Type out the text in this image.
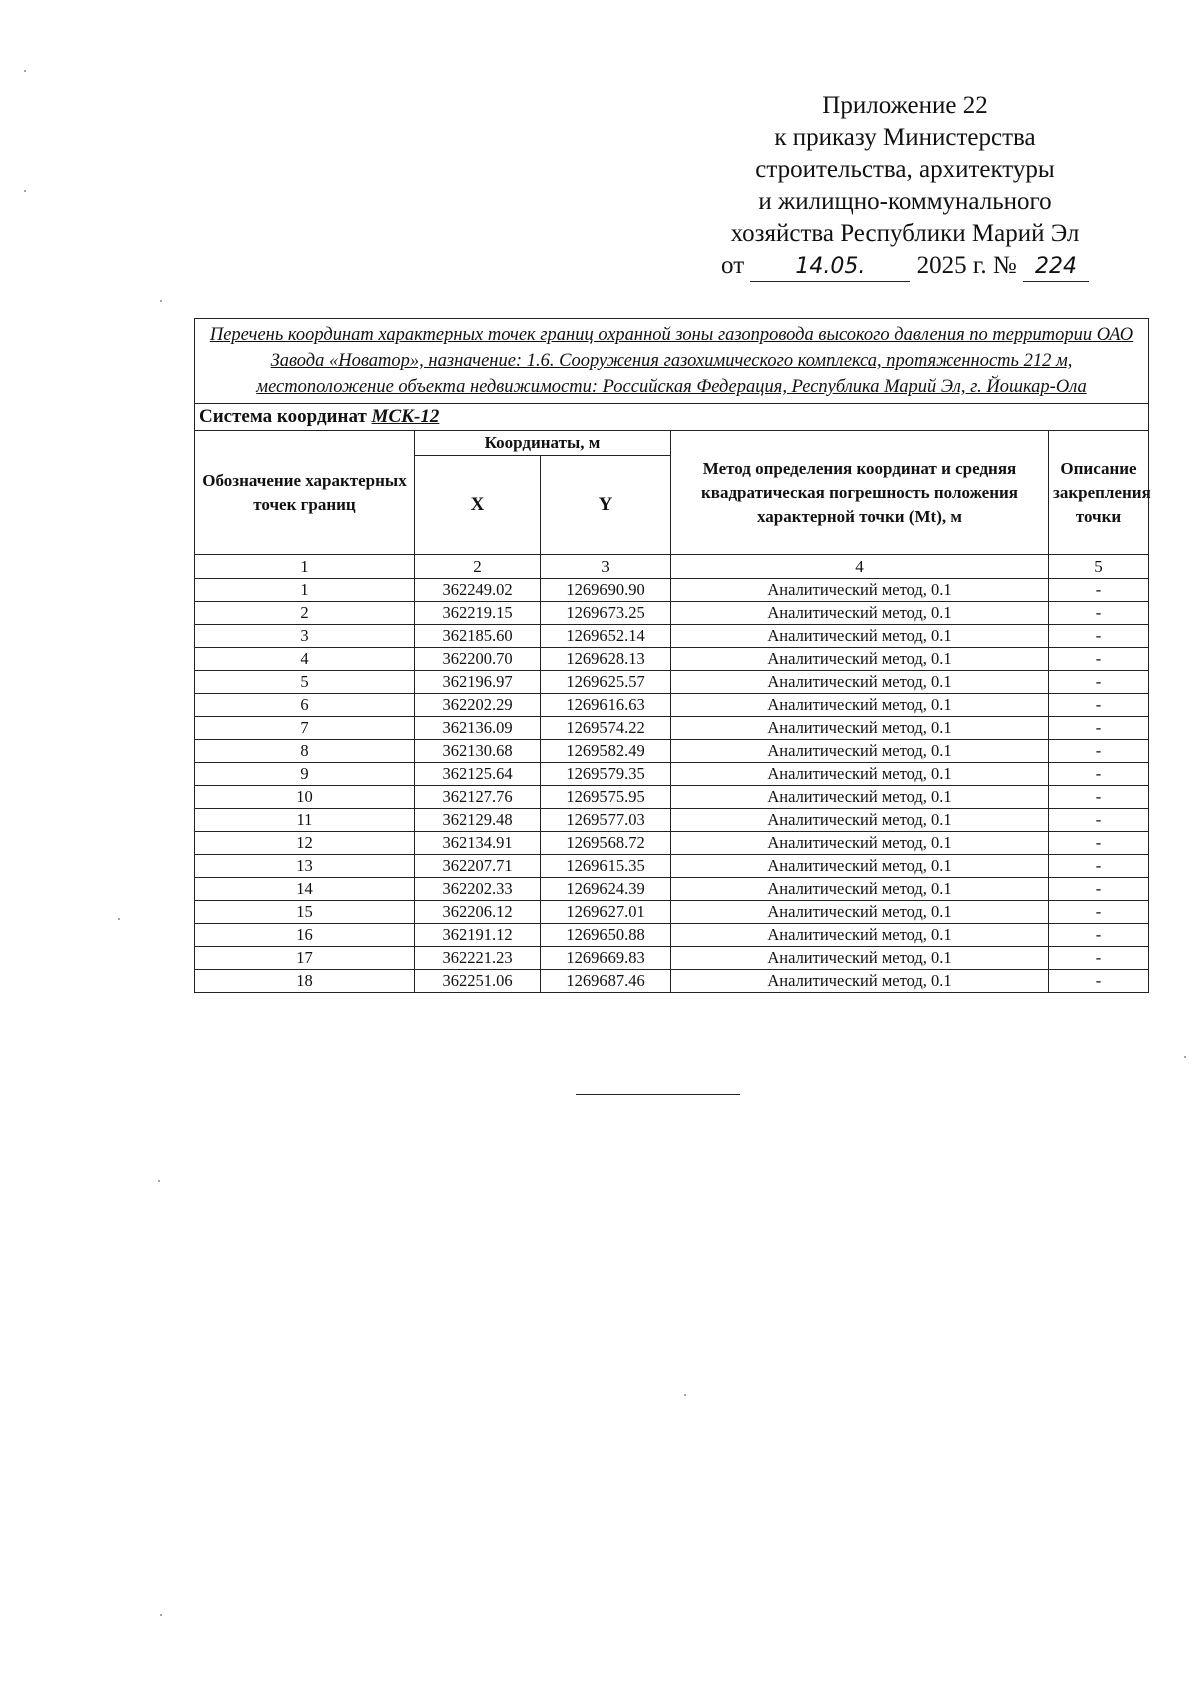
Приложение 22
к приказу Министерства
строительства, архитектуры
и жилищно-коммунального
хозяйства Республики Марий Эл
от 14.05. 2025 г. № 224
Перечень координат характерных точек границ охранной зоны газопровода высокого давления по территории ОАО Завода «Новатор», назначение: 1.6. Сооружения газохимического комплекса, протяженность 212 м, местоположение объекта недвижимости: Российская Федерация, Республика Марий Эл, г. Йошкар-Ола				
Система координат МСК-12				
Обозначение характерных точек границ	Координаты, м		Метод определения координат и средняя квадратическая погрешность положения характерной точки (Mt), м	Описание закрепления точки
	X	Y		
1	2	3	4	5
1	362249.02	1269690.90	Аналитический метод, 0.1	-
2	362219.15	1269673.25	Аналитический метод, 0.1	-
3	362185.60	1269652.14	Аналитический метод, 0.1	-
4	362200.70	1269628.13	Аналитический метод, 0.1	-
5	362196.97	1269625.57	Аналитический метод, 0.1	-
6	362202.29	1269616.63	Аналитический метод, 0.1	-
7	362136.09	1269574.22	Аналитический метод, 0.1	-
8	362130.68	1269582.49	Аналитический метод, 0.1	-
9	362125.64	1269579.35	Аналитический метод, 0.1	-
10	362127.76	1269575.95	Аналитический метод, 0.1	-
11	362129.48	1269577.03	Аналитический метод, 0.1	-
12	362134.91	1269568.72	Аналитический метод, 0.1	-
13	362207.71	1269615.35	Аналитический метод, 0.1	-
14	362202.33	1269624.39	Аналитический метод, 0.1	-
15	362206.12	1269627.01	Аналитический метод, 0.1	-
16	362191.12	1269650.88	Аналитический метод, 0.1	-
17	362221.23	1269669.83	Аналитический метод, 0.1	-
18	362251.06	1269687.46	Аналитический метод, 0.1	-
